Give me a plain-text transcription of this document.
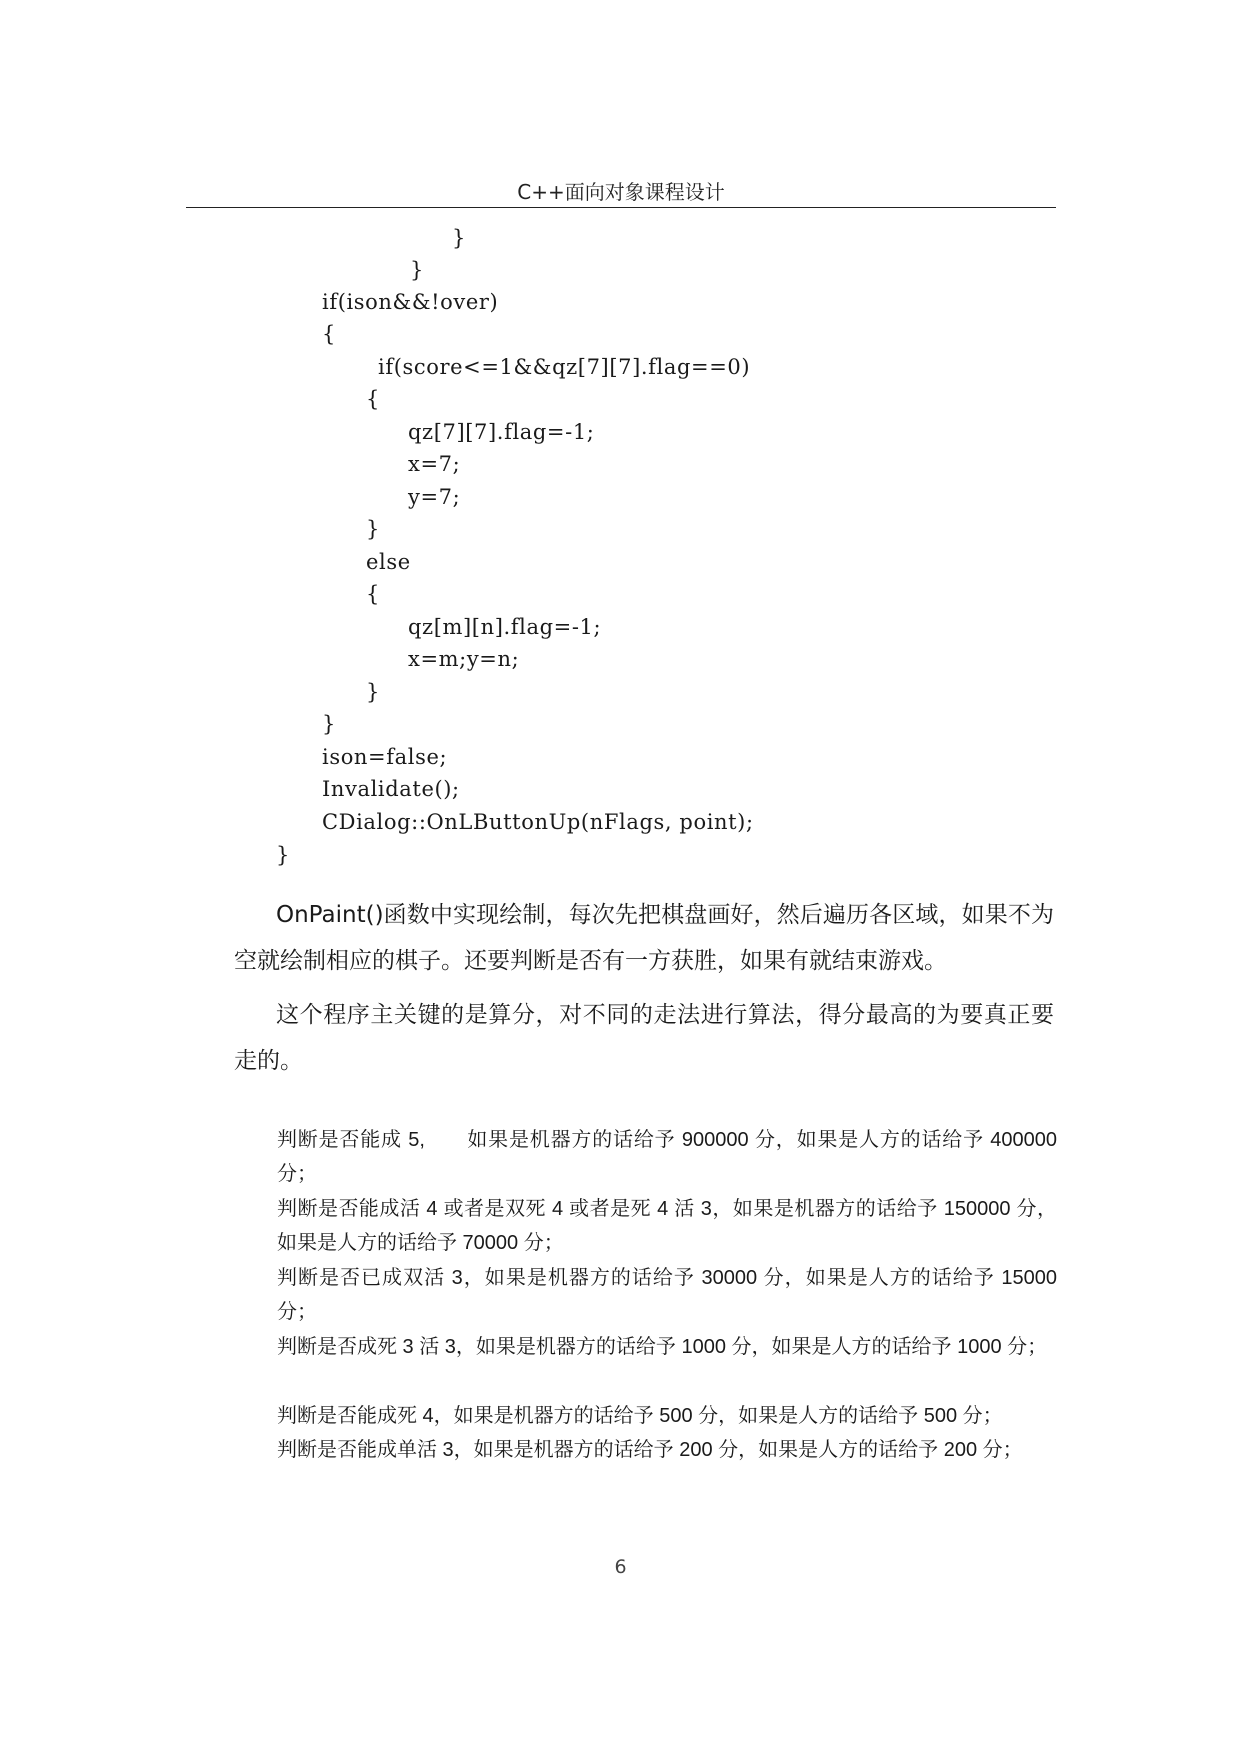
C++面向对象课程设计
}
}
if(ison&&!over)
{
if(score<=1&&qz[7][7].flag==0)
{
qz[7][7].flag=-1;
x=7;
y=7;
}
else
{
qz[m][n].flag=-1;
x=m;y=n;
}
}
ison=false;
Invalidate();
CDialog::OnLButtonUp(nFlags, point);
}

OnPaint()函数中实现绘制，每次先把棋盘画好，然后遍历各区域，如果不为空就绘制相应的棋子。还要判断是否有一方获胜，如果有就结束游戏。

这个程序主关键的是算分，对不同的走法进行算法，得分最高的为要真正要走的。

判断是否能成 5,　　如果是机器方的话给予 900000 分，如果是人方的话给予 400000 分；

判断是否能成活 4 或者是双死 4 或者是死 4 活 3，如果是机器方的话给予 150000 分，如果是人方的话给予 70000 分；

判断是否已成双活 3，如果是机器方的话给予 30000 分，如果是人方的话给予 15000 分；

判断是否成死 3 活 3，如果是机器方的话给予 1000 分，如果是人方的话给予 1000 分；

判断是否能成死 4，如果是机器方的话给予 500 分，如果是人方的话给予 500 分；

判断是否能成单活 3，如果是机器方的话给予 200 分，如果是人方的话给予 200 分；

6
